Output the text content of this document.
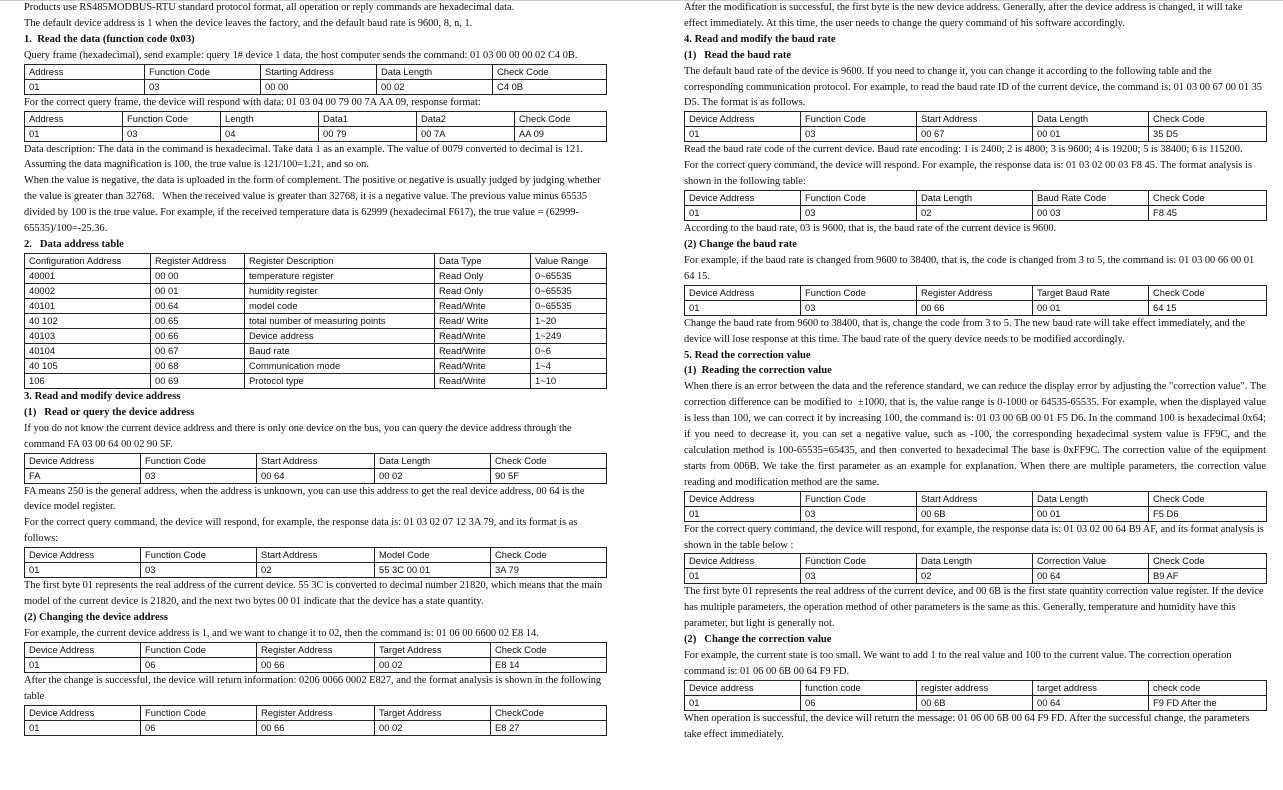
Products use RS485MODBUS-RTU standard protocol format, all operation or reply commands are hexadecimal data.

The default device address is 1 when the device leaves the factory, and the default baud rate is 9600, 8, n, 1.

1.  Read the data (function code 0x03)

Query frame (hexadecimal), send example: query 1# device 1 data, the host computer sends the command: 01 03 00 00 00 02 C4 0B.

Address	Function Code	Starting Address	Data Length	Check Code
01	03	00 00	00 02	C4 0B

For the correct query frame, the device will respond with data: 01 03 04 00 79 00 7A AA 09, response format:

Address	Function Code	Length	Data1	Data2	Check Code
01	03	04	00 79	00 7A	AA 09

Data description: The data in the command is hexadecimal. Take data 1 as an example. The value of 0079 converted to decimal is 121. Assuming the data magnification is 100, the true value is 121/100=1.21, and so on.

When the value is negative, the data is uploaded in the form of complement. The positive or negative is usually judged by judging whether the value is greater than 32768.   When the received value is greater than 32768, it is a negative value. The previous value minus 65535 divided by 100 is the true value. For example, if the received temperature data is 62999 (hexadecimal F617), the true value = (62999-65535)/100=-25.36.

2.   Data address table

Configuration Address	Register Address	Register Description	Data Type	Value Range
40001	00 00	temperature register	Read Only	0~65535
40002	00 01	humidity register	Read Only	0~65535
40101	00 64	model code	Read/Write	0~65535
40 102	00 65	total number of measuring points	Read/ Write	1~20
40103	00 66	Device address	Read/Write	1~249
40104	00 67	Baud rate	Read/Write	0~6
40 105	00 68	Communication mode	Read/Write	1~4
106	00 69	Protocol type	Read/Write	1~10

3. Read and modify device address

(1)   Read or query the device address

If you do not know the current device address and there is only one device on the bus, you can query the device address through the command FA 03 00 64 00 02 90 5F.

Device Address	Function Code	Start Address	Data Length	Check Code
FA	03	00 64	00 02	90 5F

FA means 250 is the general address, when the address is unknown, you can use this address to get the real device address, 00 64 is the device model register.

For the correct query command, the device will respond, for example, the response data is: 01 03 02 07 12 3A 79, and its format is as follows:

Device Address	Function Code	Start Address	Model Code	Check Code
01	03	02	55 3C 00 01	3A 79

The first byte 01 represents the real address of the current device. 55 3C is converted to decimal number 21820, which means that the main model of the current device is 21820, and the next two bytes 00 01 indicate that the device has a state quantity.

(2) Changing the device address

For example, the current device address is 1, and we want to change it to 02, then the command is: 01 06 00 6600 02 E8 14.

Device Address	Function Code	Register Address	Target Address	Check Code
01	06	00 66	00 02	E8 14

After the change is successful, the device will return information: 0206 0066 0002 E827, and the format analysis is shown in the following table

Device Address	Function Code	Register Address	Target Address	CheckCode
01	06	00 66	00 02	E8 27

After the modification is successful, the first byte is the new device address. Generally, after the device address is changed, it will take effect immediately. At this time, the user needs to change the query command of his software accordingly.

4. Read and modify the baud rate

(1)   Read the baud rate

The default baud rate of the device is 9600. If you need to change it, you can change it according to the following table and the corresponding communication protocol. For example, to read the baud rate ID of the current device, the command is: 01 03 00 67 00 01 35 D5. The format is as follows.

Device Address	Function Code	Start Address	Data Length	Check Code
01	03	00 67	00 01	35 D5

Read the baud rate code of the current device. Baud rate encoding: 1 is 2400; 2 is 4800; 3 is 9600; 4 is 19200; 5 is 38400; 6 is 115200.

For the correct query command, the device will respond. For example, the response data is: 01 03 02 00 03 F8 45. The format analysis is shown in the following table:

Device Address	Function Code	Data Length	Baud Rate Code	Check Code
01	03	02	00 03	F8 45

According to the baud rate, 03 is 9600, that is, the baud rate of the current device is 9600.

(2) Change the baud rate

For example, if the baud rate is changed from 9600 to 38400, that is, the code is changed from 3 to 5, the command is: 01 03 00 66 00 01 64 15.

Device Address	Function Code	Register Address	Target Baud Rate	Check Code
01	03	00 66	00 01	64 15

Change the baud rate from 9600 to 38400, that is, change the code from 3 to 5. The new baud rate will take effect immediately, and the device will lose response at this time. The baud rate of the query device needs to be modified accordingly.

5. Read the correction value

(1)  Reading the correction value

When there is an error between the data and the reference standard, we can reduce the display error by adjusting the "correction value". The correction difference can be modified to  ±1000, that is, the value range is 0-1000 or 64535-65535. For example, when the displayed value is less than 100, we can correct it by increasing 100, the command is: 01 03 00 6B 00 01 F5 D6. In the command 100 is hexadecimal 0x64; if you need to decrease it, you can set a negative value, such as -100, the corresponding hexadecimal system value is FF9C, and the calculation method is 100-65535=65435, and then converted to hexadecimal The base is 0xFF9C. The correction value of the equipment starts from 006B. We take the first parameter as an example for explanation. When there are multiple parameters, the correction value reading and modification method are the same.

Device Address	Function Code	Start Address	Data Length	Check Code
01	03	00 6B	00 01	F5 D6

For the correct query command, the device will respond, for example, the response data is: 01 03 02 00 64 B9 AF, and its format analysis is shown in the table below :

Device Address	Function Code	Data Length	Correction Value	Check Code
01	03	02	00 64	B9 AF

The first byte 01 represents the real address of the current device, and 00 6B is the first state quantity correction value register. If the device has multiple parameters, the operation method of other parameters is the same as this. Generally, temperature and humidity have this parameter, but light is generally not.

(2)   Change the correction value

For example, the current state is too small. We want to add 1 to the real value and 100 to the current value. The correction operation command is: 01 06 00 6B 00 64 F9 FD.

Device address	function code	register address	target address	check code
01	06	00 6B	00 64	F9 FD After the

When operation is successful, the device will return the message: 01 06 00 6B 00 64 F9 FD. After the successful change, the parameters take effect immediately.
